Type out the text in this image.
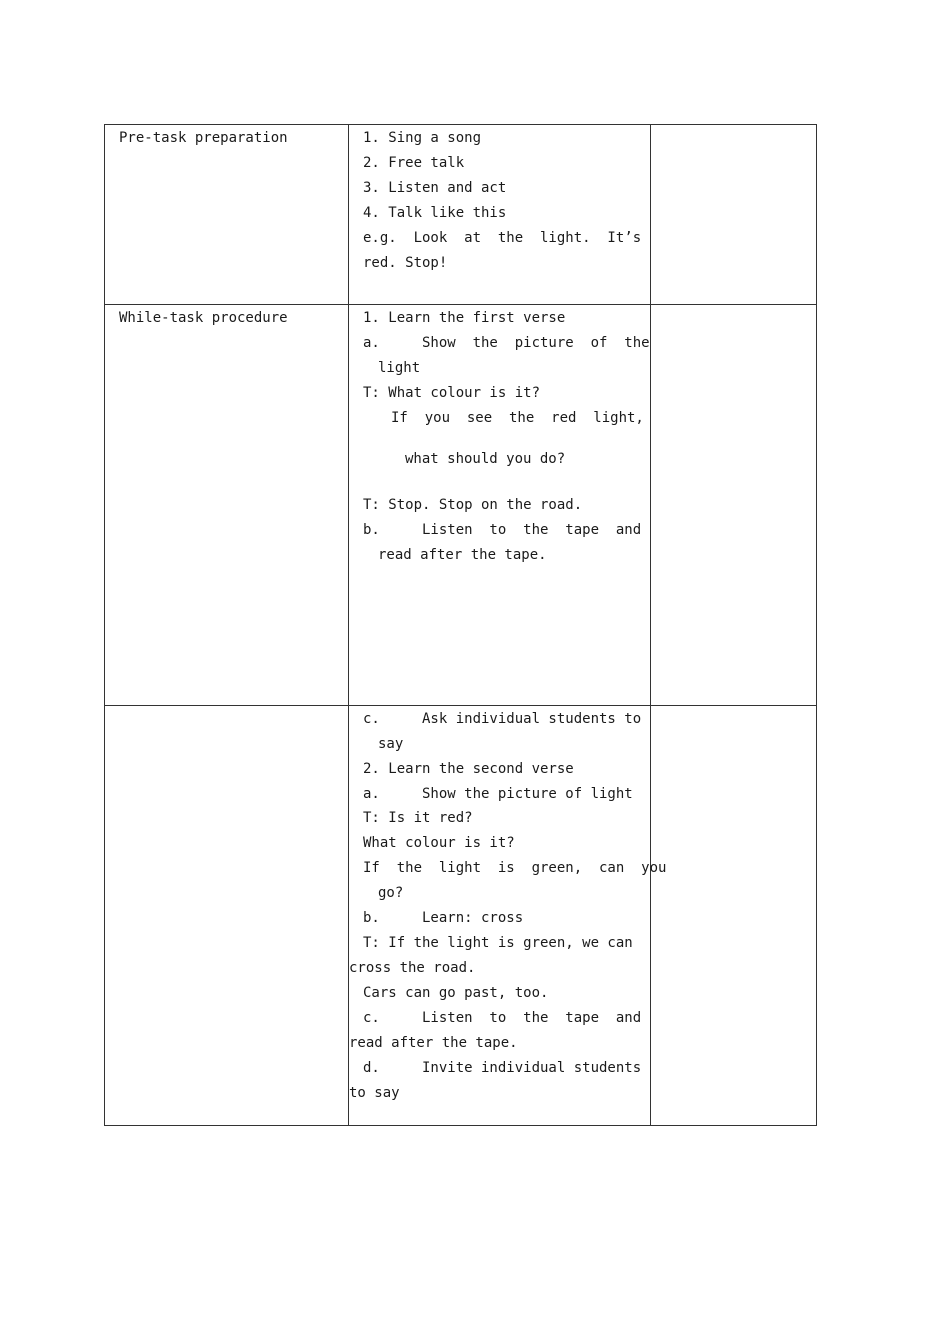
Pre-task preparation	1. Sing a song
2. Free talk
3. Listen and act
4. Talk like this
e.g.  Look  at  the  light.  It’s
red. Stop!
While-task procedure	1. Learn the first verse
a.     Show  the  picture  of  the
light
T: What colour is it?
If  you  see  the  red  light,
what should you do?
T: Stop. Stop on the road.
b.     Listen  to  the  tape  and
read after the tape.
c.     Ask individual students to
say
2. Learn the second verse
a.     Show the picture of light
T: Is it red?
What colour is it?
If  the  light  is  green,  can  you
go?
b.     Learn: cross
T: If the light is green, we can
cross the road.
Cars can go past, too.
c.     Listen  to  the  tape  and
read after the tape.
d.     Invite individual students
to say
